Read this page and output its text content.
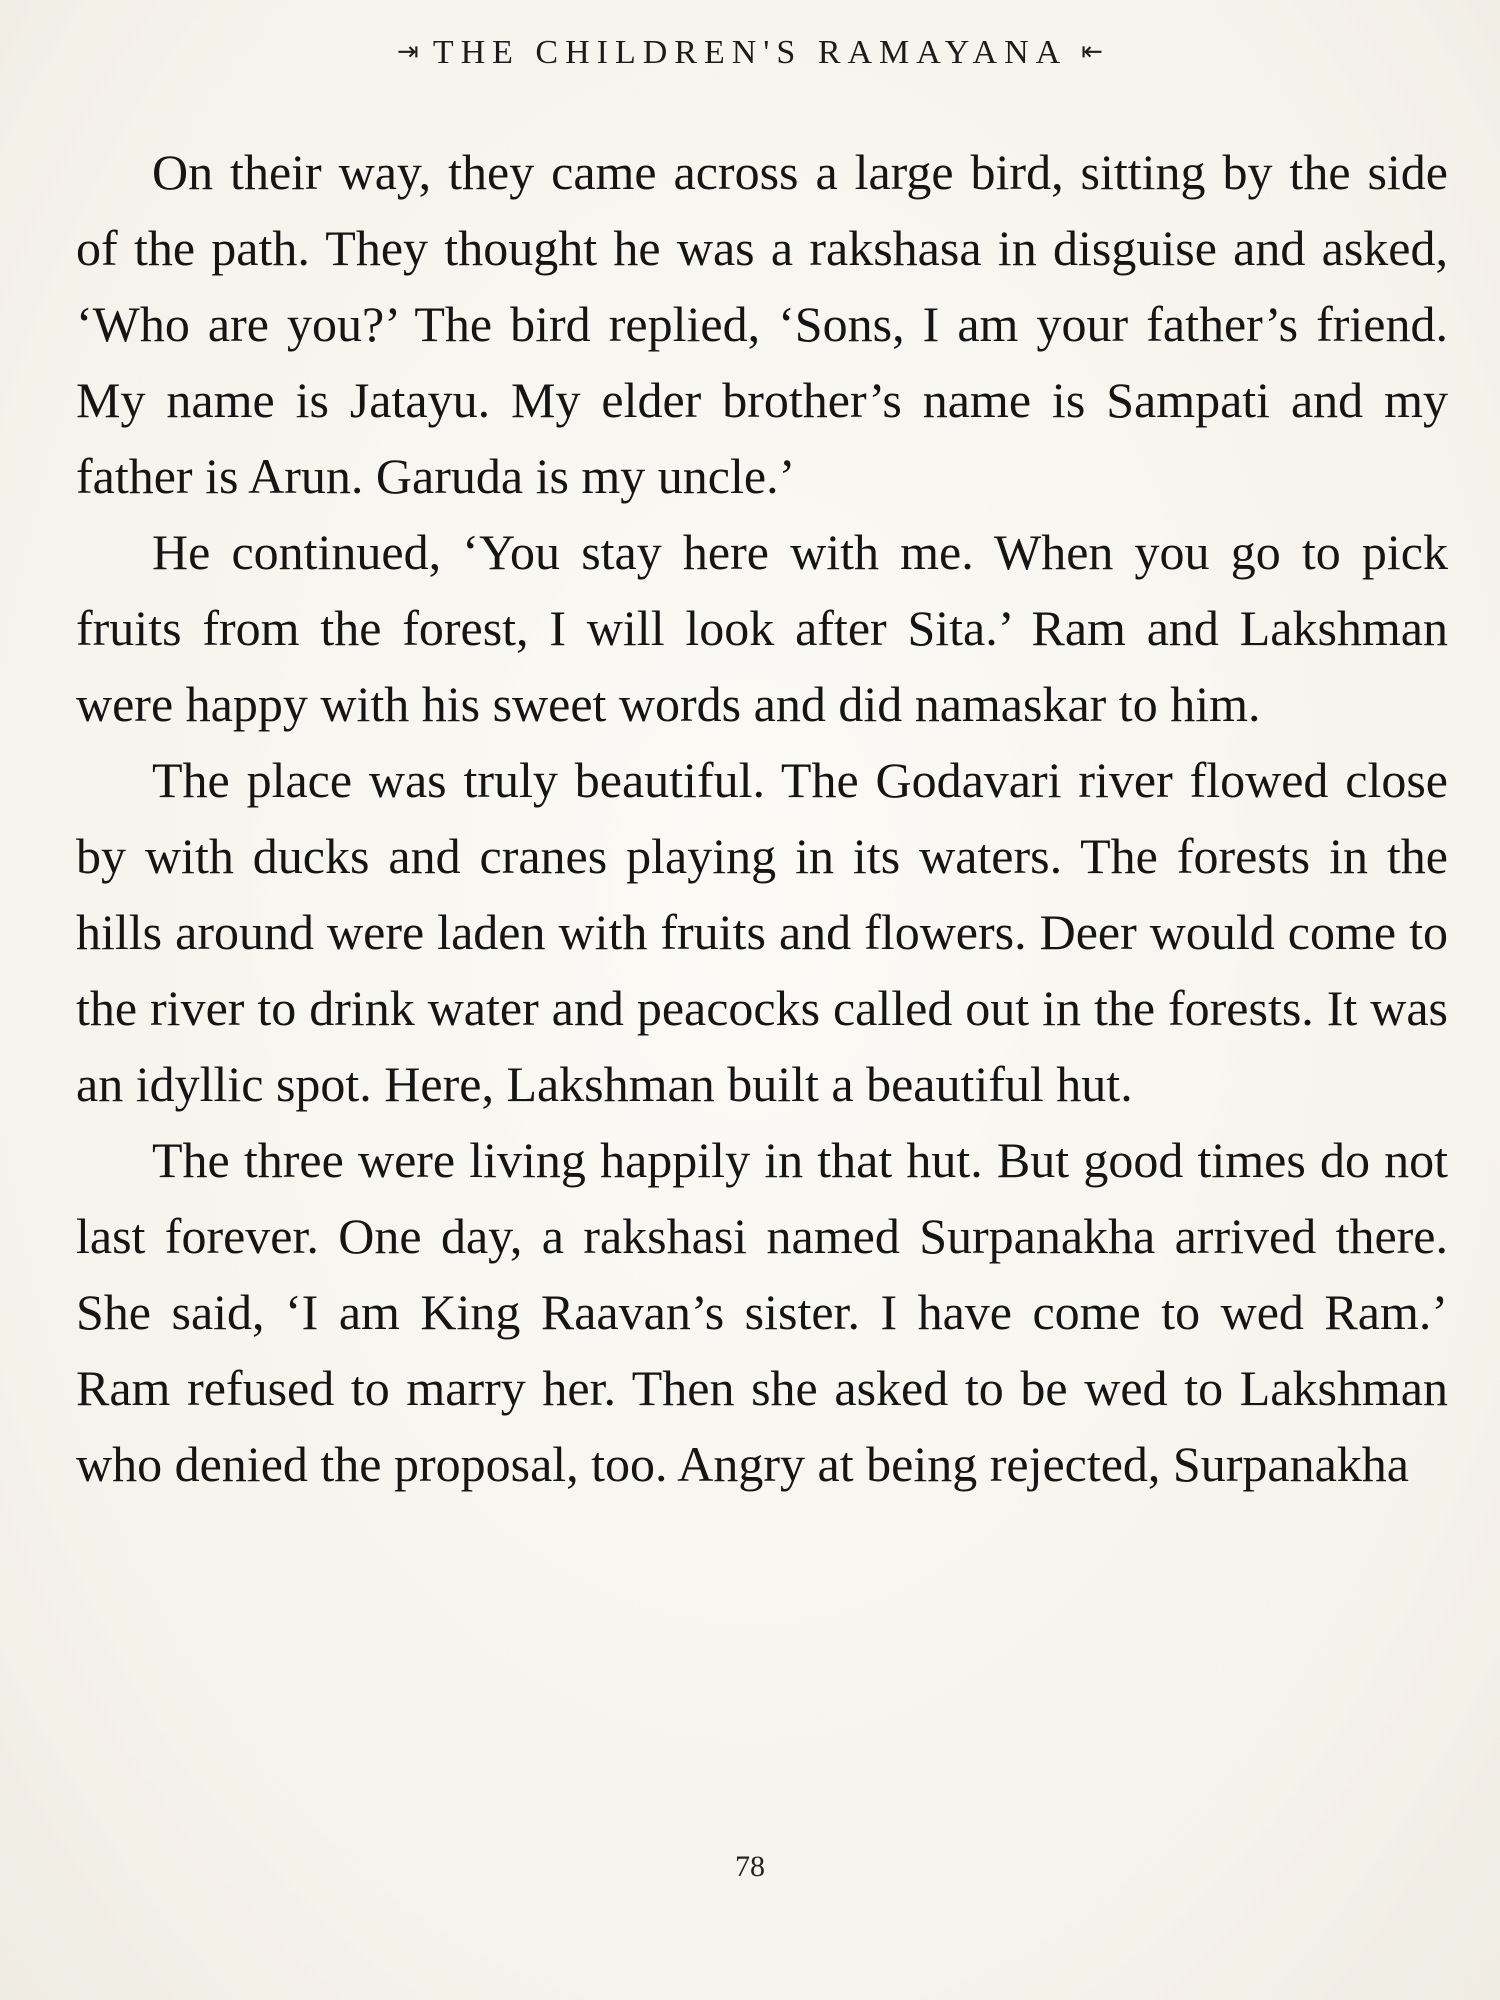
⇥ THE CHILDREN'S RAMAYANA ⇤

On their way, they came across a large bird, sitting by the side of the path. They thought he was a rakshasa in disguise and asked, ‘Who are you?’ The bird replied, ‘Sons, I am your father’s friend. My name is Jatayu. My elder brother’s name is Sampati and my father is Arun. Garuda is my uncle.’

He continued, ‘You stay here with me. When you go to pick fruits from the forest, I will look after Sita.’ Ram and Lakshman were happy with his sweet words and did namaskar to him.

The place was truly beautiful. The Godavari river flowed close by with ducks and cranes playing in its waters. The forests in the hills around were laden with fruits and flowers. Deer would come to the river to drink water and peacocks called out in the forests. It was an idyllic spot. Here, Lakshman built a beautiful hut.

The three were living happily in that hut. But good times do not last forever. One day, a rakshasi named Surpanakha arrived there. She said, ‘I am King Raavan’s sister. I have come to wed Ram.’ Ram refused to marry her. Then she asked to be wed to Lakshman who denied the proposal, too. Angry at being rejected, Surpanakha

78
